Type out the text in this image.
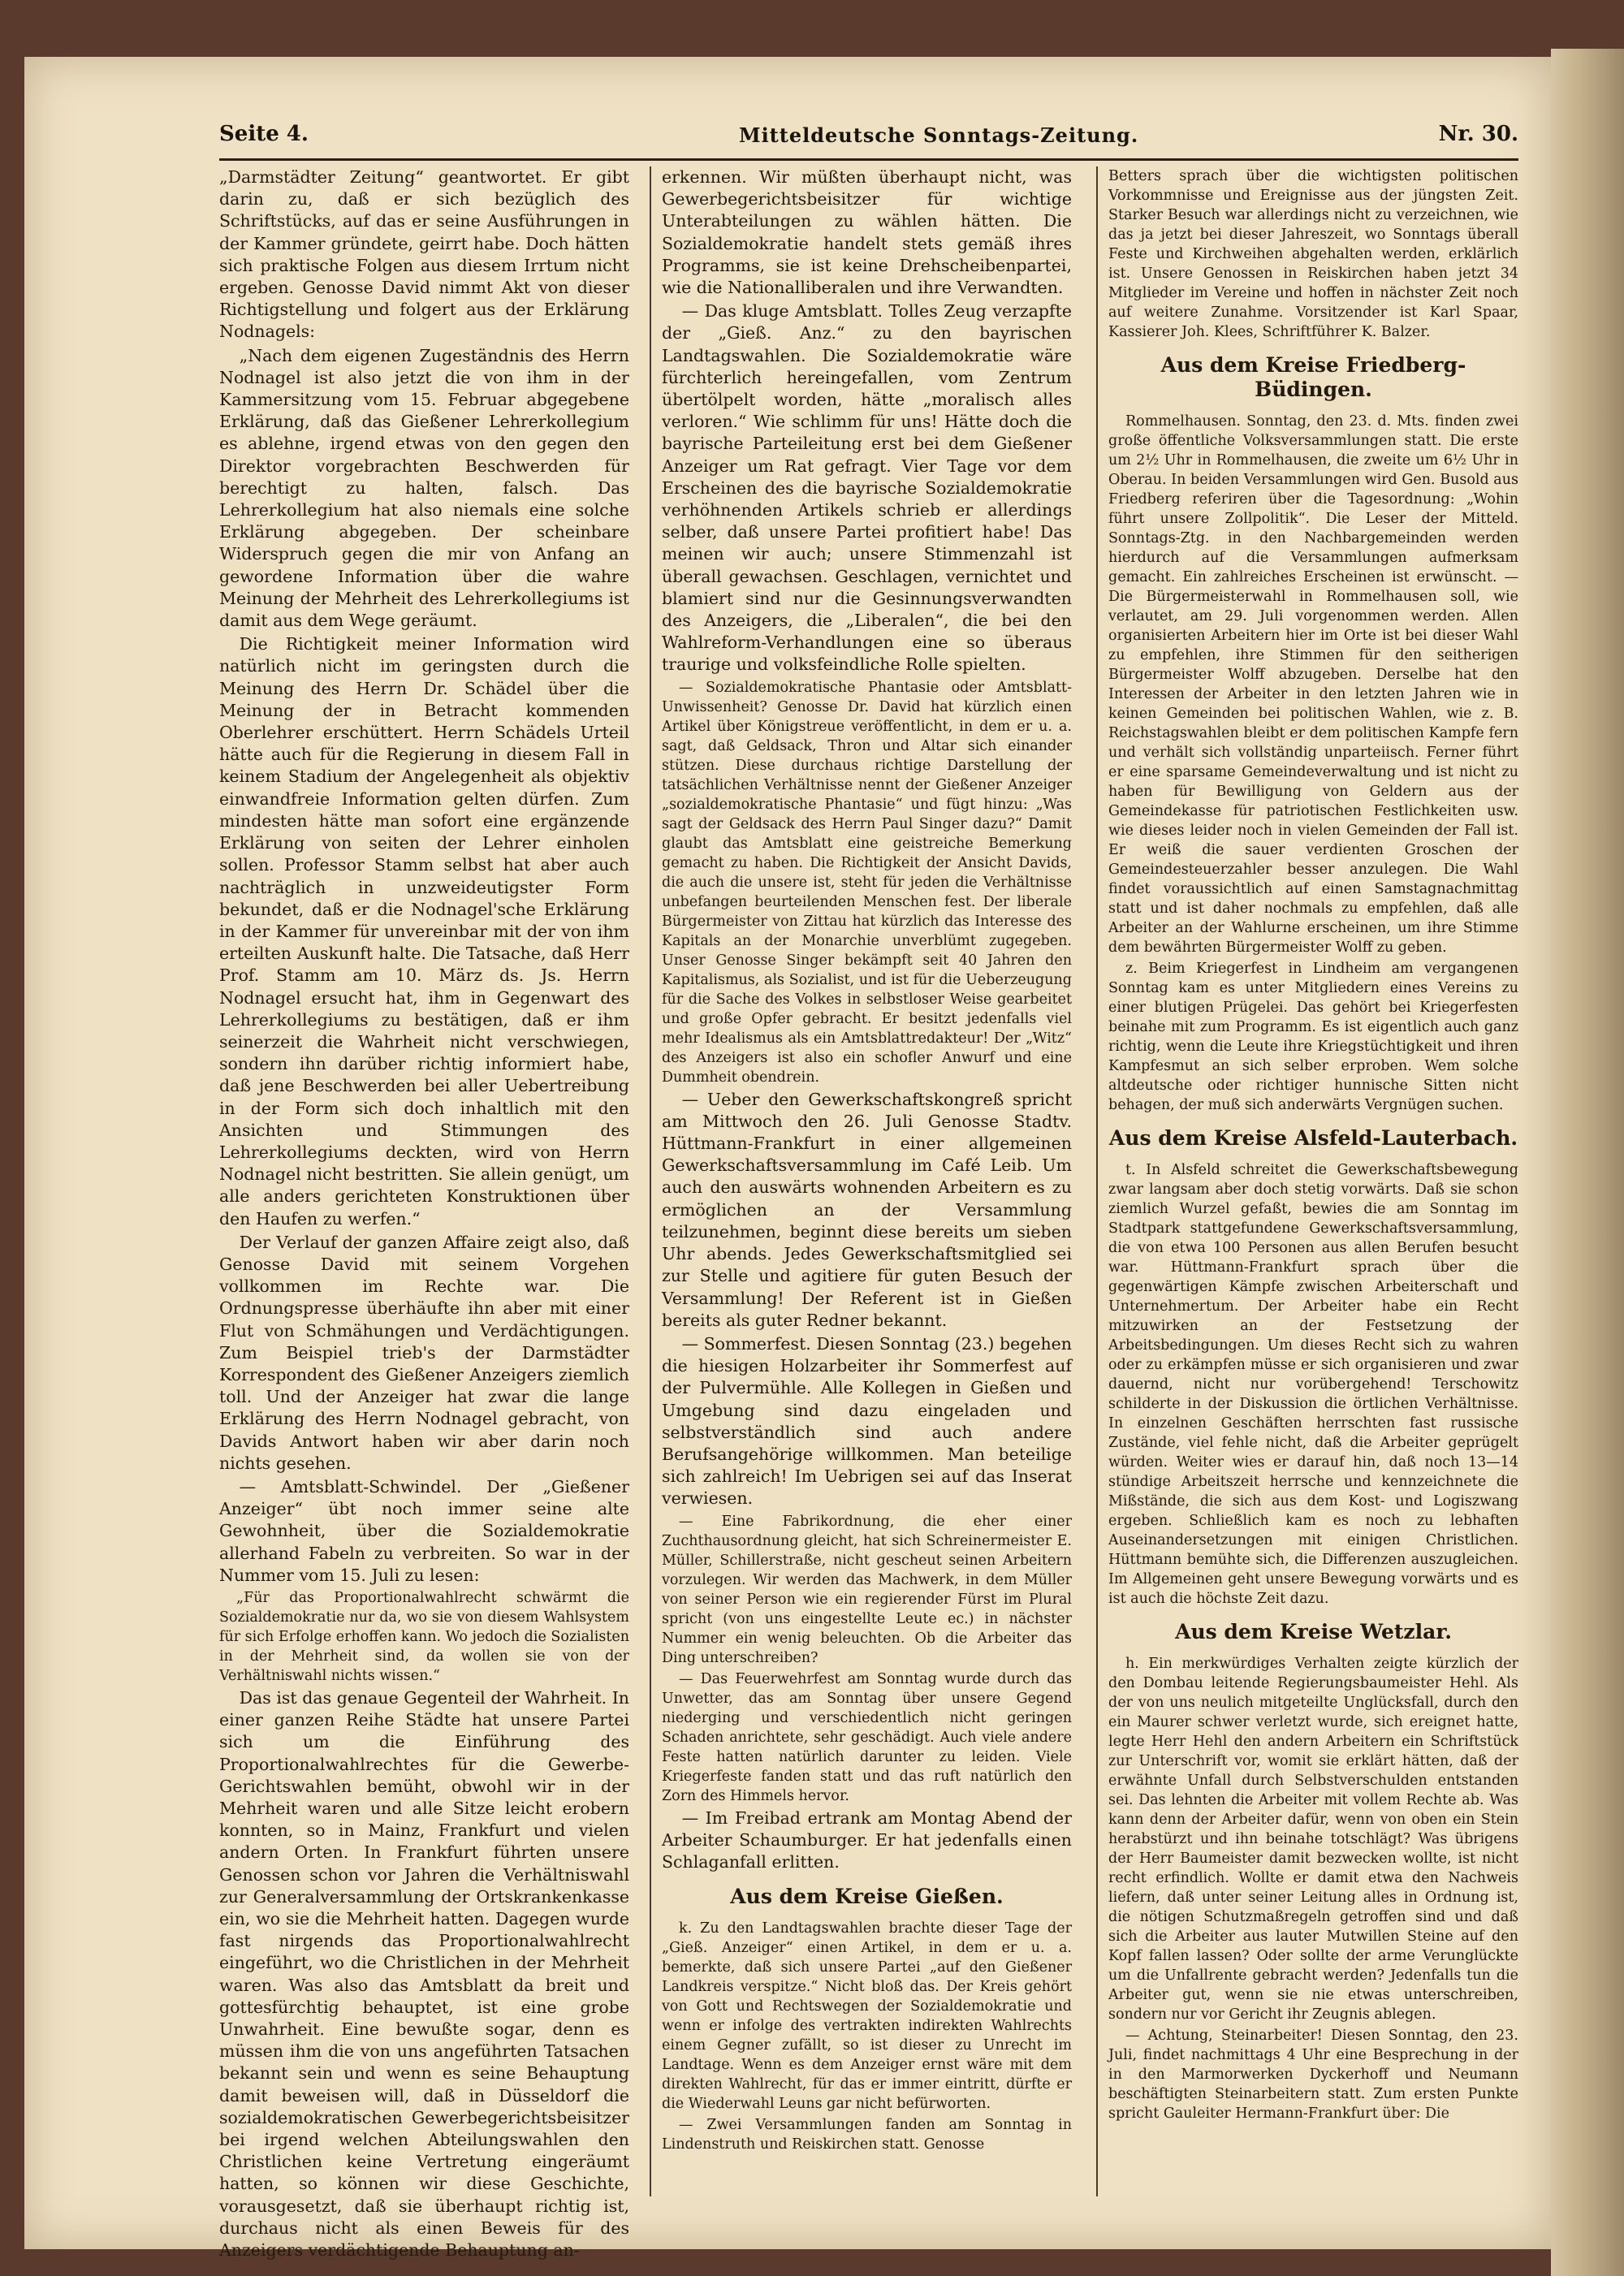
Seite 4.	Mitteldeutsche Sonntags-Zeitung.	Nr. 30.

„Darmstädter Zeitung“ geantwortet. Er gibt darin zu, daß er sich bezüglich des Schriftstücks, auf das er seine Ausführungen in der Kammer gründete, geirrt habe. Doch hätten sich praktische Folgen aus diesem Irrtum nicht ergeben. Genosse David nimmt Akt von dieser Richtigstellung und folgert aus der Erklärung Nodnagels:

„Nach dem eigenen Zugeständnis des Herrn Nodnagel ist also jetzt die von ihm in der Kammersitzung vom 15. Februar abgegebene Erklärung, daß das Gießener Lehrerkollegium es ablehne, irgend etwas von den gegen den Direktor vorgebrachten Beschwerden für berechtigt zu halten, falsch. Das Lehrerkollegium hat also niemals eine solche Erklärung abgegeben. Der scheinbare Widerspruch gegen die mir von Anfang an gewordene Information über die wahre Meinung der Mehrheit des Lehrerkollegiums ist damit aus dem Wege geräumt.

Die Richtigkeit meiner Information wird natürlich nicht im geringsten durch die Meinung des Herrn Dr. Schädel über die Meinung der in Betracht kommenden Oberlehrer erschüttert. Herrn Schädels Urteil hätte auch für die Regierung in diesem Fall in keinem Stadium der Angelegenheit als objektiv einwandfreie Information gelten dürfen. Zum mindesten hätte man sofort eine ergänzende Erklärung von seiten der Lehrer einholen sollen. Professor Stamm selbst hat aber auch nachträglich in unzweideutigster Form bekundet, daß er die Nodnagel'sche Erklärung in der Kammer für unvereinbar mit der von ihm erteilten Auskunft halte. Die Tatsache, daß Herr Prof. Stamm am 10. März ds. Js. Herrn Nodnagel ersucht hat, ihm in Gegenwart des Lehrerkollegiums zu bestätigen, daß er ihm seinerzeit die Wahrheit nicht verschwiegen, sondern ihn darüber richtig informiert habe, daß jene Beschwerden bei aller Uebertreibung in der Form sich doch inhaltlich mit den Ansichten und Stimmungen des Lehrerkollegiums deckten, wird von Herrn Nodnagel nicht bestritten. Sie allein genügt, um alle anders gerichteten Konstruktionen über den Haufen zu werfen.“

Der Verlauf der ganzen Affaire zeigt also, daß Genosse David mit seinem Vorgehen vollkommen im Rechte war. Die Ordnungspresse überhäufte ihn aber mit einer Flut von Schmähungen und Verdächtigungen. Zum Beispiel trieb's der Darmstädter Korrespondent des Gießener Anzeigers ziemlich toll. Und der Anzeiger hat zwar die lange Erklärung des Herrn Nodnagel gebracht, von Davids Antwort haben wir aber darin noch nichts gesehen.

— Amtsblatt-Schwindel. Der „Gießener Anzeiger“ übt noch immer seine alte Gewohnheit, über die Sozialdemokratie allerhand Fabeln zu verbreiten. So war in der Nummer vom 15. Juli zu lesen:

„Für das Proportionalwahlrecht schwärmt die Sozialdemokratie nur da, wo sie von diesem Wahlsystem für sich Erfolge erhoffen kann. Wo jedoch die Sozialisten in der Mehrheit sind, da wollen sie von der Verhältniswahl nichts wissen.“

Das ist das genaue Gegenteil der Wahrheit. In einer ganzen Reihe Städte hat unsere Partei sich um die Einführung des Proportionalwahlrechtes für die Gewerbe-Gerichtswahlen bemüht, obwohl wir in der Mehrheit waren und alle Sitze leicht erobern konnten, so in Mainz, Frankfurt und vielen andern Orten. In Frankfurt führten unsere Genossen schon vor Jahren die Verhältniswahl zur Generalversammlung der Ortskrankenkasse ein, wo sie die Mehrheit hatten. Dagegen wurde fast nirgends das Proportionalwahlrecht eingeführt, wo die Christlichen in der Mehrheit waren. Was also das Amtsblatt da breit und gottesfürchtig behauptet, ist eine grobe Unwahrheit. Eine bewußte sogar, denn es müssen ihm die von uns angeführten Tatsachen bekannt sein und wenn es seine Behauptung damit beweisen will, daß in Düsseldorf die sozialdemokratischen Gewerbegerichtsbeisitzer bei irgend welchen Abteilungswahlen den Christlichen keine Vertretung eingeräumt hatten, so können wir diese Geschichte, vorausgesetzt, daß sie überhaupt richtig ist, durchaus nicht als einen Beweis für des Anzeigers verdächtigende Behauptung an-

erkennen. Wir müßten überhaupt nicht, was Gewerbegerichtsbeisitzer für wichtige Unterabteilungen zu wählen hätten. Die Sozialdemokratie handelt stets gemäß ihres Programms, sie ist keine Drehscheibenpartei, wie die Nationalliberalen und ihre Verwandten.

— Das kluge Amtsblatt. Tolles Zeug verzapfte der „Gieß. Anz.“ zu den bayrischen Landtagswahlen. Die Sozialdemokratie wäre fürchterlich hereingefallen, vom Zentrum übertölpelt worden, hätte „moralisch alles verloren.“ Wie schlimm für uns! Hätte doch die bayrische Parteileitung erst bei dem Gießener Anzeiger um Rat gefragt. Vier Tage vor dem Erscheinen des die bayrische Sozialdemokratie verhöhnenden Artikels schrieb er allerdings selber, daß unsere Partei profitiert habe! Das meinen wir auch; unsere Stimmenzahl ist überall gewachsen. Geschlagen, vernichtet und blamiert sind nur die Gesinnungsverwandten des Anzeigers, die „Liberalen“, die bei den Wahlreform-Verhandlungen eine so überaus traurige und volksfeindliche Rolle spielten.

— Sozialdemokratische Phantasie oder Amtsblatt-Unwissenheit? Genosse Dr. David hat kürzlich einen Artikel über Königstreue veröffentlicht, in dem er u. a. sagt, daß Geldsack, Thron und Altar sich einander stützen. Diese durchaus richtige Darstellung der tatsächlichen Verhältnisse nennt der Gießener Anzeiger „sozialdemokratische Phantasie“ und fügt hinzu: „Was sagt der Geldsack des Herrn Paul Singer dazu?“ Damit glaubt das Amtsblatt eine geistreiche Bemerkung gemacht zu haben. Die Richtigkeit der Ansicht Davids, die auch die unsere ist, steht für jeden die Verhältnisse unbefangen beurteilenden Menschen fest. Der liberale Bürgermeister von Zittau hat kürzlich das Interesse des Kapitals an der Monarchie unverblümt zugegeben. Unser Genosse Singer bekämpft seit 40 Jahren den Kapitalismus, als Sozialist, und ist für die Ueberzeugung für die Sache des Volkes in selbstloser Weise gearbeitet und große Opfer gebracht. Er besitzt jedenfalls viel mehr Idealismus als ein Amtsblattredakteur! Der „Witz“ des Anzeigers ist also ein schofler Anwurf und eine Dummheit obendrein.

— Ueber den Gewerkschaftskongreß spricht am Mittwoch den 26. Juli Genosse Stadtv. Hüttmann-Frankfurt in einer allgemeinen Gewerkschaftsversammlung im Café Leib. Um auch den auswärts wohnenden Arbeitern es zu ermöglichen an der Versammlung teilzunehmen, beginnt diese bereits um sieben Uhr abends. Jedes Gewerkschaftsmitglied sei zur Stelle und agitiere für guten Besuch der Versammlung! Der Referent ist in Gießen bereits als guter Redner bekannt.

— Sommerfest. Diesen Sonntag (23.) begehen die hiesigen Holzarbeiter ihr Sommerfest auf der Pulvermühle. Alle Kollegen in Gießen und Umgebung sind dazu eingeladen und selbstverständlich sind auch andere Berufsangehörige willkommen. Man beteilige sich zahlreich! Im Uebrigen sei auf das Inserat verwiesen.

— Eine Fabrikordnung, die eher einer Zuchthausordnung gleicht, hat sich Schreinermeister E. Müller, Schillerstraße, nicht gescheut seinen Arbeitern vorzulegen. Wir werden das Machwerk, in dem Müller von seiner Person wie ein regierender Fürst im Plural spricht (von uns eingestellte Leute ec.) in nächster Nummer ein wenig beleuchten. Ob die Arbeiter das Ding unterschreiben?

— Das Feuerwehrfest am Sonntag wurde durch das Unwetter, das am Sonntag über unsere Gegend niederging und verschiedentlich nicht geringen Schaden anrichtete, sehr geschädigt. Auch viele andere Feste hatten natürlich darunter zu leiden. Viele Kriegerfeste fanden statt und das ruft natürlich den Zorn des Himmels hervor.

— Im Freibad ertrank am Montag Abend der Arbeiter Schaumburger. Er hat jedenfalls einen Schlaganfall erlitten.

Aus dem Kreise Gießen.

k. Zu den Landtagswahlen brachte dieser Tage der „Gieß. Anzeiger“ einen Artikel, in dem er u. a. bemerkte, daß sich unsere Partei „auf den Gießener Landkreis verspitze.“ Nicht bloß das. Der Kreis gehört von Gott und Rechtswegen der Sozialdemokratie und wenn er infolge des vertrakten indirekten Wahlrechts einem Gegner zufällt, so ist dieser zu Unrecht im Landtage. Wenn es dem Anzeiger ernst wäre mit dem direkten Wahlrecht, für das er immer eintritt, dürfte er die Wiederwahl Leuns gar nicht befürworten.

— Zwei Versammlungen fanden am Sonntag in Lindenstruth und Reiskirchen statt. Genosse

Betters sprach über die wichtigsten politischen Vorkommnisse und Ereignisse aus der jüngsten Zeit. Starker Besuch war allerdings nicht zu verzeichnen, wie das ja jetzt bei dieser Jahreszeit, wo Sonntags überall Feste und Kirchweihen abgehalten werden, erklärlich ist. Unsere Genossen in Reiskirchen haben jetzt 34 Mitglieder im Vereine und hoffen in nächster Zeit noch auf weitere Zunahme. Vorsitzender ist Karl Spaar, Kassierer Joh. Klees, Schriftführer K. Balzer.

Aus dem Kreise Friedberg-Büdingen.

Rommelhausen. Sonntag, den 23. d. Mts. finden zwei große öffentliche Volksversammlungen statt. Die erste um 2½ Uhr in Rommelhausen, die zweite um 6½ Uhr in Oberau. In beiden Versammlungen wird Gen. Busold aus Friedberg referiren über die Tagesordnung: „Wohin führt unsere Zollpolitik“. Die Leser der Mitteld. Sonntags-Ztg. in den Nachbargemeinden werden hierdurch auf die Versammlungen aufmerksam gemacht. Ein zahlreiches Erscheinen ist erwünscht. — Die Bürgermeisterwahl in Rommelhausen soll, wie verlautet, am 29. Juli vorgenommen werden. Allen organisierten Arbeitern hier im Orte ist bei dieser Wahl zu empfehlen, ihre Stimmen für den seitherigen Bürgermeister Wolff abzugeben. Derselbe hat den Interessen der Arbeiter in den letzten Jahren wie in keinen Gemeinden bei politischen Wahlen, wie z. B. Reichstagswahlen bleibt er dem politischen Kampfe fern und verhält sich vollständig unparteiisch. Ferner führt er eine sparsame Gemeindeverwaltung und ist nicht zu haben für Bewilligung von Geldern aus der Gemeindekasse für patriotischen Festlichkeiten usw. wie dieses leider noch in vielen Gemeinden der Fall ist. Er weiß die sauer verdienten Groschen der Gemeindesteuerzahler besser anzulegen. Die Wahl findet voraussichtlich auf einen Samstagnachmittag statt und ist daher nochmals zu empfehlen, daß alle Arbeiter an der Wahlurne erscheinen, um ihre Stimme dem bewährten Bürgermeister Wolff zu geben.

z. Beim Kriegerfest in Lindheim am vergangenen Sonntag kam es unter Mitgliedern eines Vereins zu einer blutigen Prügelei. Das gehört bei Kriegerfesten beinahe mit zum Programm. Es ist eigentlich auch ganz richtig, wenn die Leute ihre Kriegstüchtigkeit und ihren Kampfesmut an sich selber erproben. Wem solche altdeutsche oder richtiger hunnische Sitten nicht behagen, der muß sich anderwärts Vergnügen suchen.

Aus dem Kreise Alsfeld-Lauterbach.

t. In Alsfeld schreitet die Gewerkschaftsbewegung zwar langsam aber doch stetig vorwärts. Daß sie schon ziemlich Wurzel gefaßt, bewies die am Sonntag im Stadtpark stattgefundene Gewerkschaftsversammlung, die von etwa 100 Personen aus allen Berufen besucht war. Hüttmann-Frankfurt sprach über die gegenwärtigen Kämpfe zwischen Arbeiterschaft und Unternehmertum. Der Arbeiter habe ein Recht mitzuwirken an der Festsetzung der Arbeitsbedingungen. Um dieses Recht sich zu wahren oder zu erkämpfen müsse er sich organisieren und zwar dauernd, nicht nur vorübergehend! Terschowitz schilderte in der Diskussion die örtlichen Verhältnisse. In einzelnen Geschäften herrschten fast russische Zustände, viel fehle nicht, daß die Arbeiter geprügelt würden. Weiter wies er darauf hin, daß noch 13—14 stündige Arbeitszeit herrsche und kennzeichnete die Mißstände, die sich aus dem Kost- und Logiszwang ergeben. Schließlich kam es noch zu lebhaften Auseinandersetzungen mit einigen Christlichen. Hüttmann bemühte sich, die Differenzen auszugleichen. Im Allgemeinen geht unsere Bewegung vorwärts und es ist auch die höchste Zeit dazu.

Aus dem Kreise Wetzlar.

h. Ein merkwürdiges Verhalten zeigte kürzlich der den Dombau leitende Regierungsbaumeister Hehl. Als der von uns neulich mitgeteilte Unglücksfall, durch den ein Maurer schwer verletzt wurde, sich ereignet hatte, legte Herr Hehl den andern Arbeitern ein Schriftstück zur Unterschrift vor, womit sie erklärt hätten, daß der erwähnte Unfall durch Selbstverschulden entstanden sei. Das lehnten die Arbeiter mit vollem Rechte ab. Was kann denn der Arbeiter dafür, wenn von oben ein Stein herabstürzt und ihn beinahe totschlägt? Was übrigens der Herr Baumeister damit bezwecken wollte, ist nicht recht erfindlich. Wollte er damit etwa den Nachweis liefern, daß unter seiner Leitung alles in Ordnung ist, die nötigen Schutzmaßregeln getroffen sind und daß sich die Arbeiter aus lauter Mutwillen Steine auf den Kopf fallen lassen? Oder sollte der arme Verunglückte um die Unfallrente gebracht werden? Jedenfalls tun die Arbeiter gut, wenn sie nie etwas unterschreiben, sondern nur vor Gericht ihr Zeugnis ablegen.

— Achtung, Steinarbeiter! Diesen Sonntag, den 23. Juli, findet nachmittags 4 Uhr eine Besprechung in der in den Marmorwerken Dyckerhoff und Neumann beschäftigten Steinarbeitern statt. Zum ersten Punkte spricht Gauleiter Hermann-Frankfurt über: Die
